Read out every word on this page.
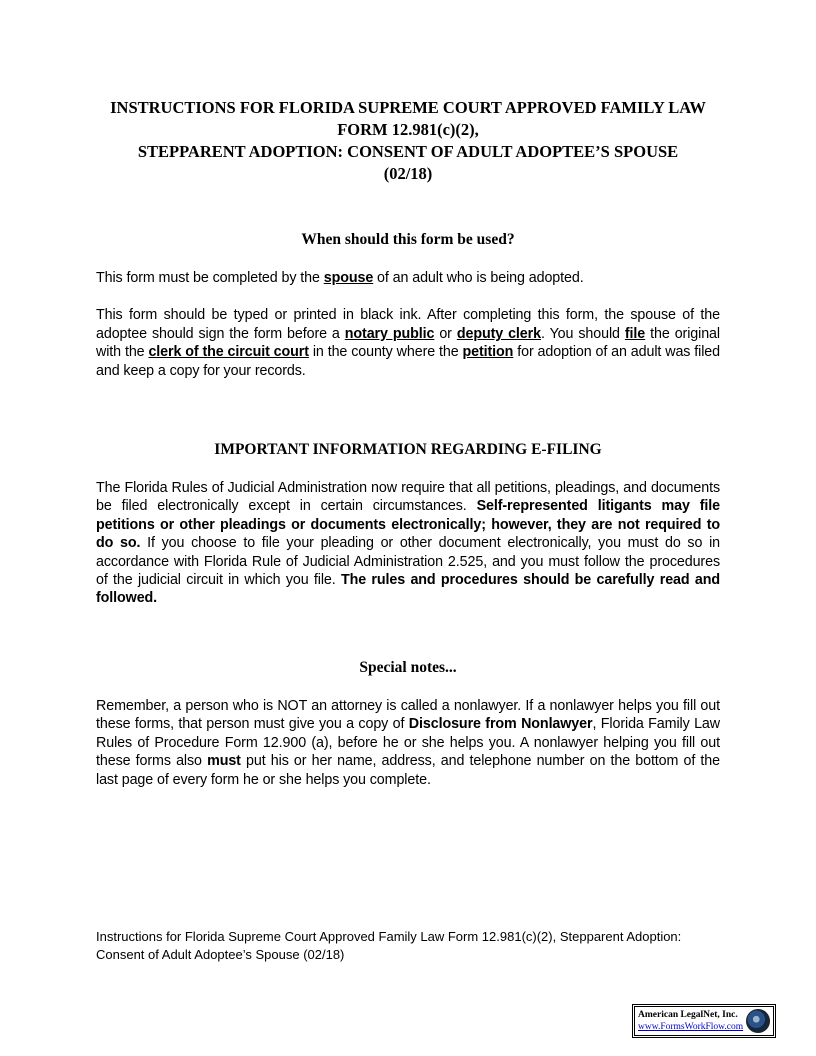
INSTRUCTIONS FOR FLORIDA SUPREME COURT APPROVED FAMILY LAW
FORM 12.981(c)(2),
STEPPARENT ADOPTION: CONSENT OF ADULT ADOPTEE’S SPOUSE
(02/18)
When should this form be used?

This form must be completed by the spouse of an adult who is being adopted.

This form should be typed or printed in black ink. After completing this form, the spouse of the adoptee should sign the form before a notary public or deputy clerk. You should file the original with the clerk of the circuit court in the county where the petition for adoption of an adult was filed and keep a copy for your records.

IMPORTANT INFORMATION REGARDING E-FILING

The Florida Rules of Judicial Administration now require that all petitions, pleadings, and documents be filed electronically except in certain circumstances. Self-represented litigants may file petitions or other pleadings or documents electronically; however, they are not required to do so. If you choose to file your pleading or other document electronically, you must do so in accordance with Florida Rule of Judicial Administration 2.525, and you must follow the procedures of the judicial circuit in which you file. The rules and procedures should be carefully read and followed.

Special notes...

Remember, a person who is NOT an attorney is called a nonlawyer. If a nonlawyer helps you fill out these forms, that person must give you a copy of Disclosure from Nonlawyer, Florida Family Law Rules of Procedure Form 12.900 (a), before he or she helps you. A nonlawyer helping you fill out these forms also must put his or her name, address, and telephone number on the bottom of the last page of every form he or she helps you complete.

Instructions for Florida Supreme Court Approved Family Law Form 12.981(c)(2), Stepparent Adoption: Consent of Adult Adoptee’s Spouse (02/18)
American LegalNet, Inc.
www.FormsWorkFlow.com
